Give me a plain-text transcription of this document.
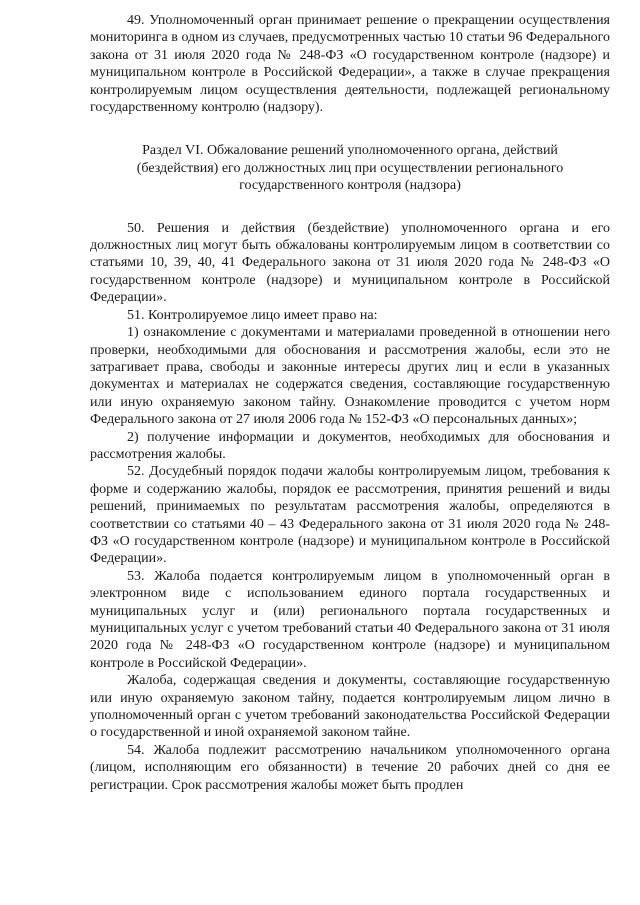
49. Уполномоченный орган принимает решение о прекращении осуществления мониторинга в одном из случаев, предусмотренных частью 10 статьи 96 Федерального закона от 31 июля 2020 года № 248-ФЗ «О государственном контроле (надзоре) и муниципальном контроле в Российской Федерации», а также в случае прекращения контролируемым лицом осуществления деятельности, подлежащей региональному государственному контролю (надзору).

Раздел VI. Обжалование решений уполномоченного органа, действий (бездействия) его должностных лиц при осуществлении регионального государственного контроля (надзора)

50. Решения и действия (бездействие) уполномоченного органа и его должностных лиц могут быть обжалованы контролируемым лицом в соответствии со статьями 10, 39, 40, 41 Федерального закона от 31 июля 2020 года № 248-ФЗ «О государственном контроле (надзоре) и муниципальном контроле в Российской Федерации».

51. Контролируемое лицо имеет право на:

1) ознакомление с документами и материалами проведенной в отношении него проверки, необходимыми для обоснования и рассмотрения жалобы, если это не затрагивает права, свободы и законные интересы других лиц и если в указанных документах и материалах не содержатся сведения, составляющие государственную или иную охраняемую законом тайну. Ознакомление проводится с учетом норм Федерального закона от 27 июля 2006 года № 152-ФЗ «О персональных данных»;

2) получение информации и документов, необходимых для обоснования и рассмотрения жалобы.

52. Досудебный порядок подачи жалобы контролируемым лицом, требования к форме и содержанию жалобы, порядок ее рассмотрения, принятия решений и виды решений, принимаемых по результатам рассмотрения жалобы, определяются в соответствии со статьями 40 – 43 Федерального закона от 31 июля 2020 года № 248-ФЗ «О государственном контроле (надзоре) и муниципальном контроле в Российской Федерации».

53. Жалоба подается контролируемым лицом в уполномоченный орган в электронном виде с использованием единого портала государственных и муниципальных услуг и (или) регионального портала государственных и муниципальных услуг с учетом требований статьи 40 Федерального закона от 31 июля 2020 года № 248-ФЗ «О государственном контроле (надзоре) и муниципальном контроле в Российской Федерации».

Жалоба, содержащая сведения и документы, составляющие государственную или иную охраняемую законом тайну, подается контролируемым лицом лично в уполномоченный орган с учетом требований законодательства Российской Федерации о государственной и иной охраняемой законом тайне.

54. Жалоба подлежит рассмотрению начальником уполномоченного органа (лицом, исполняющим его обязанности) в течение 20 рабочих дней со дня ее регистрации. Срок рассмотрения жалобы может быть продлен
